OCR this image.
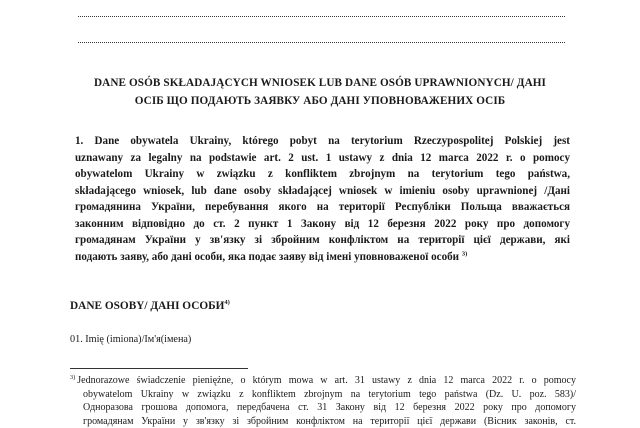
DANE OSÓB SKŁADAJĄCYCH WNIOSEK LUB DANE OSÓB UPRAWNIONYCH/ ДАНІ
ОСІБ ЩО ПОДАЮТЬ ЗАЯВКУ АБО ДАНІ УПОВНОВАЖЕНИХ ОСІБ
1. Dane obywatela Ukrainy, którego pobyt na terytorium Rzeczypospolitej Polskiej jest
uznawany za legalny na podstawie art. 2 ust. 1 ustawy z dnia 12 marca 2022 r. o pomocy
obywatelom Ukrainy w związku z konfliktem zbrojnym na terytorium tego państwa,
składającego wniosek, lub dane osoby składającej wniosek w imieniu osoby uprawnionej /Дані
громадянина України, перебування якого на території Республіки Польща вважається
законним відповідно до ст. 2 пункт 1 Закону від 12 березня 2022 року про допомогу
громадянам України у зв'язку зі збройним конфліктом на території цієї держави, які
подають заяву, або дані особи, яка подає заяву від імені уповноваженої особи $^{3)}$
DANE OSOBY/ ДАНІ ОСОБИ$^{4)}$
01. Imię (imiona)/Ім'я(імена)
$^{3)}$ Jednorazowe świadczenie pieniężne, o którym mowa w art. 31 ustawy z dnia 12 marca 2022 r. o pomocy
obywatelom Ukrainy w związku z konfliktem zbrojnym na terytorium tego państwa (Dz. U. poz. 583)/
Одноразова грошова допомога, передбачена ст. 31 Закону від 12 березня 2022 року про допомогу
громадянам України у зв'язку зі збройним конфліктом на території цієї держави (Вісник законів, ст.
